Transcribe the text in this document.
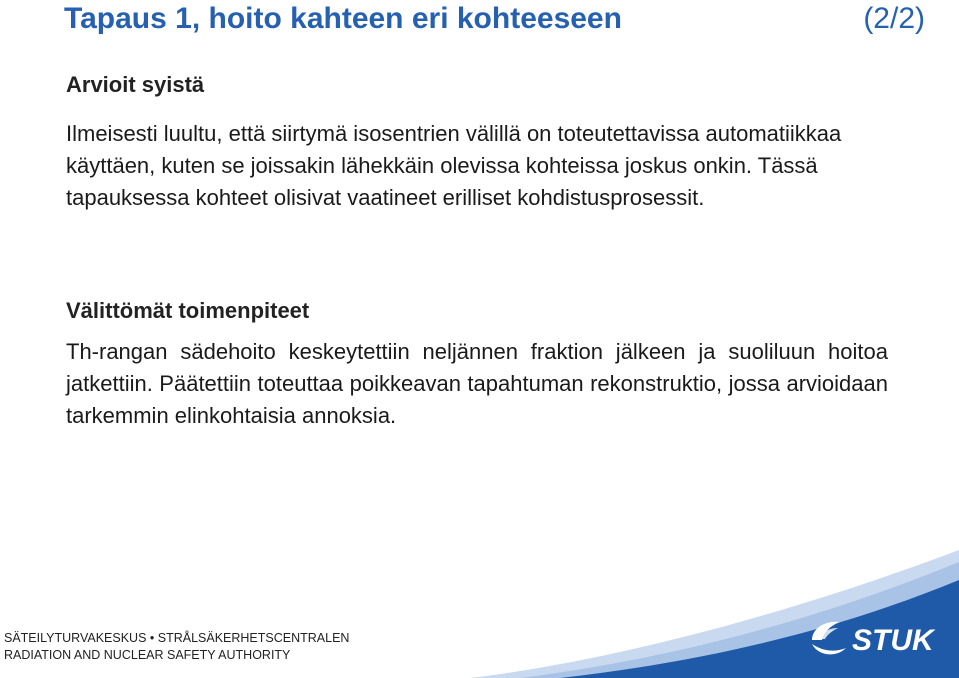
Tapaus 1, hoito kahteen eri kohteeseen	(2/2)

Arvioit syistä

Ilmeisesti luultu, että siirtymä isosentrien välillä on toteutettavissa automatiikkaa käyttäen, kuten se joissakin lähekkäin olevissa kohteissa joskus onkin. Tässä tapauksessa kohteet olisivat vaatineet erilliset kohdistusprosessit.

Välittömät toimenpiteet

Th-rangan sädehoito keskeytettiin neljännen fraktion jälkeen ja suoliluun hoitoa jatkettiin. Päätettiin toteuttaa poikkeavan tapahtuman rekonstruktio, jossa arvioidaan tarkemmin elinkohtaisia annoksia.

SÄTEILYTURVAKESKUS • STRÅLSÄKERHETSCENTRALEN
RADIATION AND NUCLEAR SAFETY AUTHORITY	STUK
